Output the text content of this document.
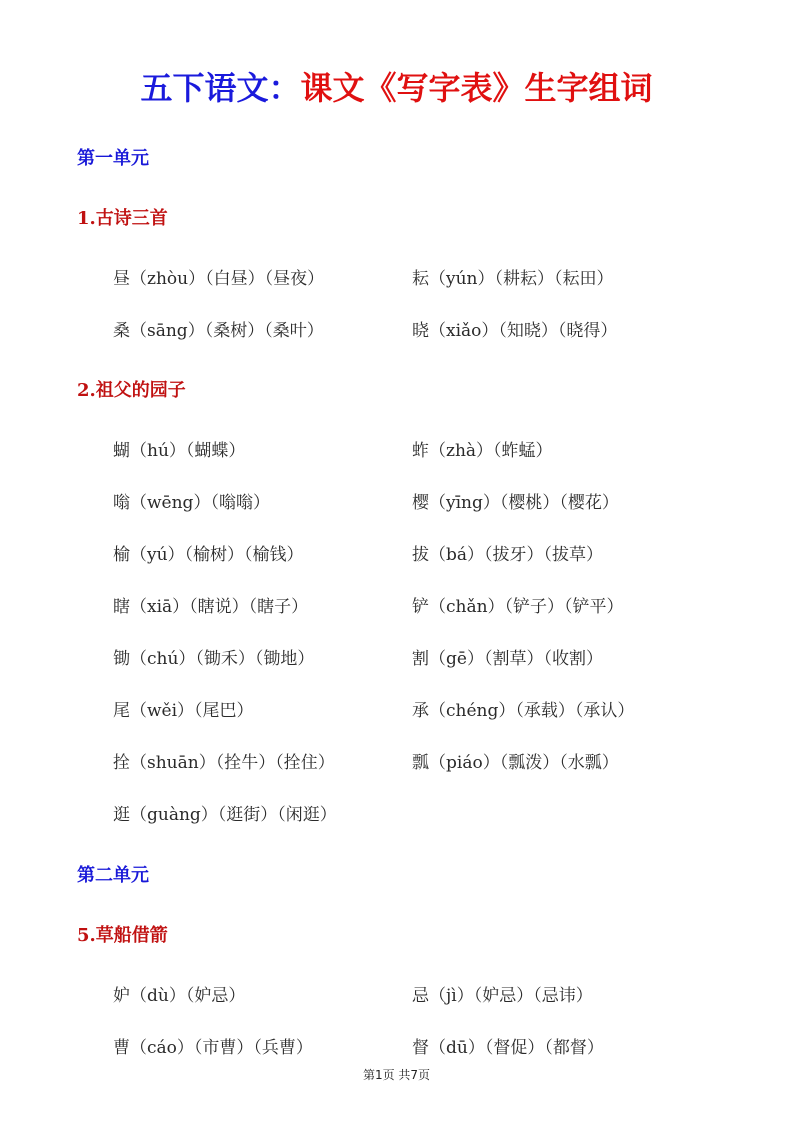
五下语文：课文《写字表》生字组词
第一单元
1.古诗三首
昼（zhòu）（白昼）（昼夜）	耘（yún）（耕耘）（耘田）
桑（sāng）（桑树）（桑叶）	晓（xiǎo）（知晓）（晓得）
2.祖父的园子
蝴（hú）（蝴蝶）	蚱（zhà）（蚱蜢）
嗡（wēng）（嗡嗡）	樱（yīng）（樱桃）（樱花）
榆（yú）（榆树）（榆钱）	拔（bá）（拔牙）（拔草）
瞎（xiā）（瞎说）（瞎子）	铲（chǎn）（铲子）（铲平）
锄（chú）（锄禾）（锄地）	割（gē）（割草）（收割）
尾（wěi）（尾巴）	承（chéng）（承载）（承认）
拴（shuān）（拴牛）（拴住）	瓢（piáo）（瓢泼）（水瓢）
逛（guàng）（逛街）（闲逛）
第二单元
5.草船借箭
妒（dù）（妒忌）	忌（jì）（妒忌）（忌讳）
曹（cáo）（市曹）（兵曹）	督（dū）（督促）（都督）
第1页 共7页
